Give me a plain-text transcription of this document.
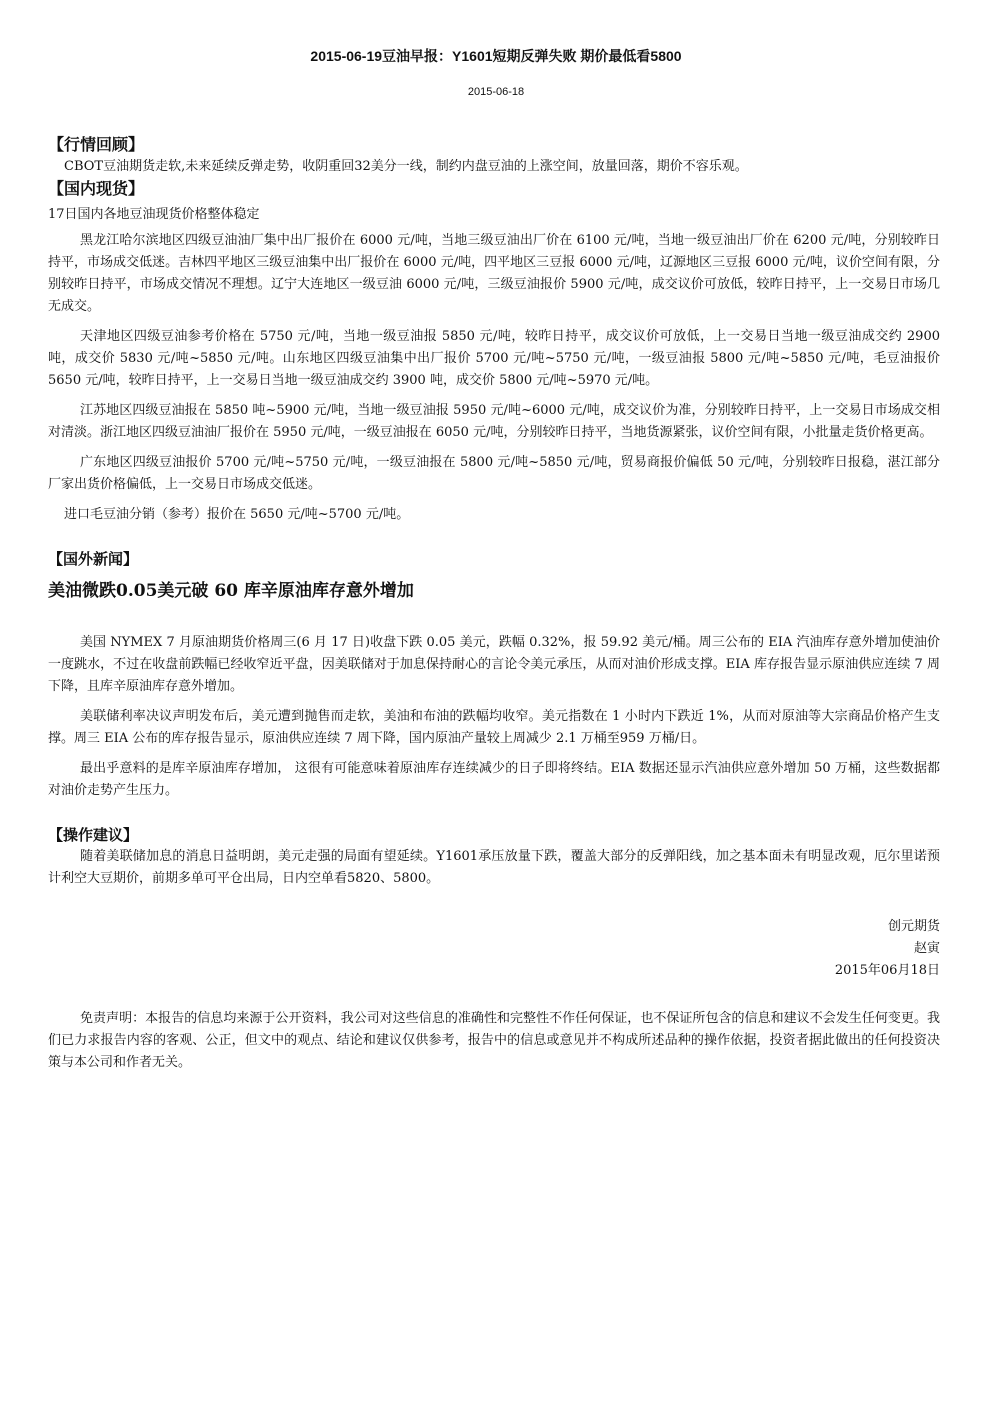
2015-06-19豆油早报：Y1601短期反弹失败 期价最低看5800
2015-06-18
【行情回顾】

CBOT豆油期货走软,未来延续反弹走势，收阴重回32美分一线，制约内盘豆油的上涨空间，放量回落，期价不容乐观。

【国内现货】

17日国内各地豆油现货价格整体稳定

黑龙江哈尔滨地区四级豆油油厂集中出厂报价在 6000 元/吨，当地三级豆油出厂价在 6100 元/吨，当地一级豆油出厂价在 6200 元/吨，分别较昨日持平，市场成交低迷。吉林四平地区三级豆油集中出厂报价在 6000 元/吨，四平地区三豆报 6000 元/吨，辽源地区三豆报 6000 元/吨，议价空间有限，分别较昨日持平，市场成交情况不理想。辽宁大连地区一级豆油 6000 元/吨，三级豆油报价 5900 元/吨，成交议价可放低，较昨日持平，上一交易日市场几无成交。

天津地区四级豆油参考价格在 5750 元/吨，当地一级豆油报 5850 元/吨，较昨日持平，成交议价可放低，上一交易日当地一级豆油成交约 2900 吨，成交价 5830 元/吨~5850 元/吨。山东地区四级豆油集中出厂报价 5700 元/吨~5750 元/吨，一级豆油报 5800 元/吨~5850 元/吨，毛豆油报价 5650 元/吨，较昨日持平，上一交易日当地一级豆油成交约 3900 吨，成交价 5800 元/吨~5970 元/吨。

江苏地区四级豆油报在 5850 吨~5900 元/吨，当地一级豆油报 5950 元/吨~6000 元/吨，成交议价为准，分别较昨日持平，上一交易日市场成交相对清淡。浙江地区四级豆油油厂报价在 5950 元/吨，一级豆油报在 6050 元/吨，分别较昨日持平，当地货源紧张，议价空间有限，小批量走货价格更高。

广东地区四级豆油报价 5700 元/吨~5750 元/吨，一级豆油报在 5800 元/吨~5850 元/吨，贸易商报价偏低 50 元/吨，分别较昨日报稳，湛江部分厂家出货价格偏低，上一交易日市场成交低迷。

进口毛豆油分销（参考）报价在 5650 元/吨~5700 元/吨。

【国外新闻】
美油微跌0.05美元破 60 库辛原油库存意外增加

美国 NYMEX 7 月原油期货价格周三(6 月 17 日)收盘下跌 0.05 美元，跌幅 0.32%，报 59.92 美元/桶。周三公布的 EIA 汽油库存意外增加使油价一度跳水，不过在收盘前跌幅已经收窄近平盘，因美联储对于加息保持耐心的言论令美元承压，从而对油价形成支撑。EIA 库存报告显示原油供应连续 7 周下降，且库辛原油库存意外增加。

美联储利率决议声明发布后，美元遭到抛售而走软，美油和布油的跌幅均收窄。美元指数在 1 小时内下跌近 1%，从而对原油等大宗商品价格产生支撑。周三 EIA 公布的库存报告显示，原油供应连续 7 周下降，国内原油产量较上周减少 2.1 万桶至959 万桶/日。

最出乎意料的是库辛原油库存增加， 这很有可能意味着原油库存连续减少的日子即将终结。EIA 数据还显示汽油供应意外增加 50 万桶，这些数据都对油价走势产生压力。

【操作建议】

随着美联储加息的消息日益明朗，美元走强的局面有望延续。Y1601承压放量下跌，覆盖大部分的反弹阳线，加之基本面未有明显改观，厄尔里诺预计利空大豆期价，前期多单可平仓出局，日内空单看5820、5800。

创元期货

赵寅

2015年06月18日

免责声明：本报告的信息均来源于公开资料，我公司对这些信息的准确性和完整性不作任何保证，也不保证所包含的信息和建议不会发生任何变更。我们已力求报告内容的客观、公正，但文中的观点、结论和建议仅供参考，报告中的信息或意见并不构成所述品种的操作依据，投资者据此做出的任何投资决策与本公司和作者无关。
